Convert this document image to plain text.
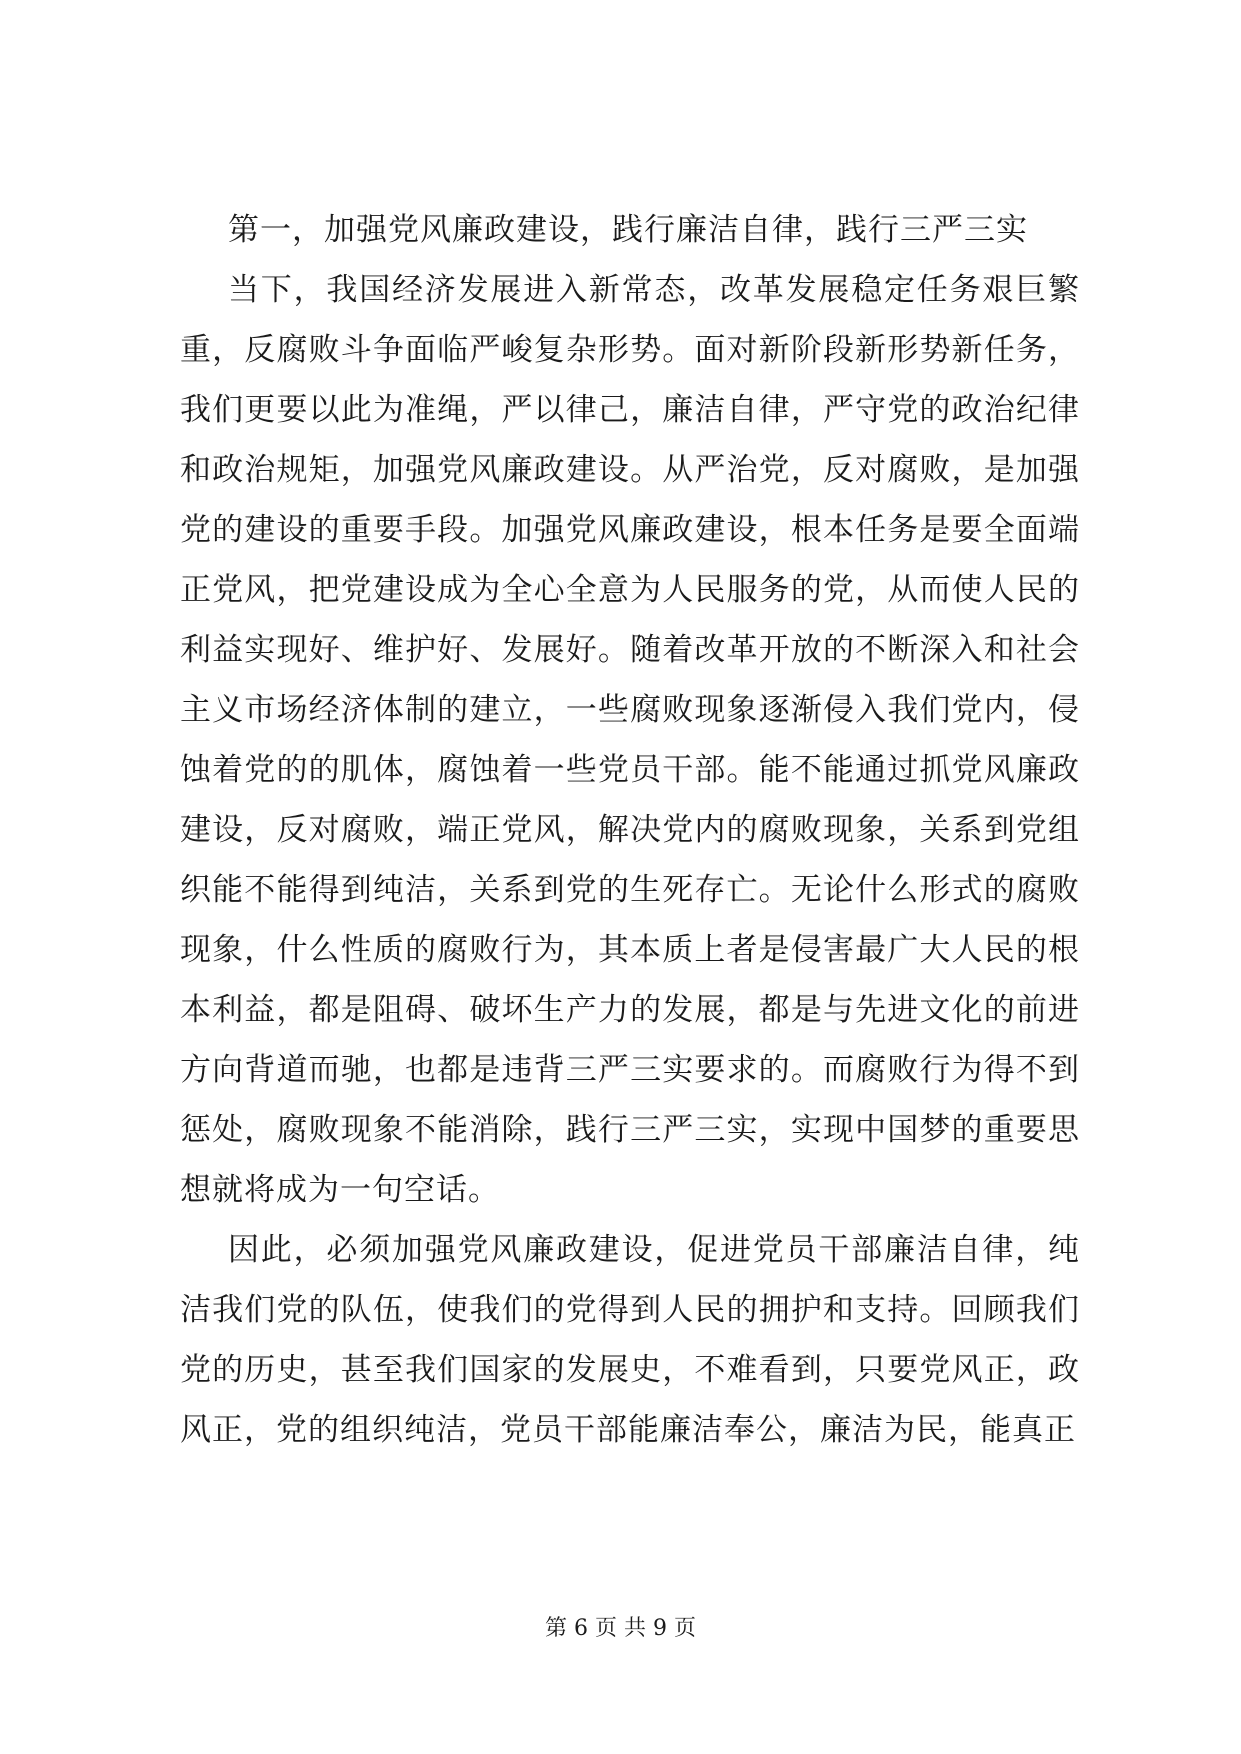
第一，加强党风廉政建设，践行廉洁自律，践行三严三实
当下，我国经济发展进入新常态，改革发展稳定任务艰巨繁
重，反腐败斗争面临严峻复杂形势。面对新阶段新形势新任务，
我们更要以此为准绳，严以律己，廉洁自律，严守党的政治纪律
和政治规矩，加强党风廉政建设。从严治党，反对腐败，是加强
党的建设的重要手段。加强党风廉政建设，根本任务是要全面端
正党风，把党建设成为全心全意为人民服务的党，从而使人民的
利益实现好、维护好、发展好。随着改革开放的不断深入和社会
主义市场经济体制的建立，一些腐败现象逐渐侵入我们党内，侵
蚀着党的的肌体，腐蚀着一些党员干部。能不能通过抓党风廉政
建设，反对腐败，端正党风，解决党内的腐败现象，关系到党组
织能不能得到纯洁，关系到党的生死存亡。无论什么形式的腐败
现象，什么性质的腐败行为，其本质上者是侵害最广大人民的根
本利益，都是阻碍、破坏生产力的发展，都是与先进文化的前进
方向背道而驰，也都是违背三严三实要求的。而腐败行为得不到
惩处，腐败现象不能消除，践行三严三实，实现中国梦的重要思
想就将成为一句空话。
因此，必须加强党风廉政建设，促进党员干部廉洁自律，纯
洁我们党的队伍，使我们的党得到人民的拥护和支持。回顾我们
党的历史，甚至我们国家的发展史，不难看到，只要党风正，政
风正，党的组织纯洁，党员干部能廉洁奉公，廉洁为民，能真正
第 6 页 共 9 页
